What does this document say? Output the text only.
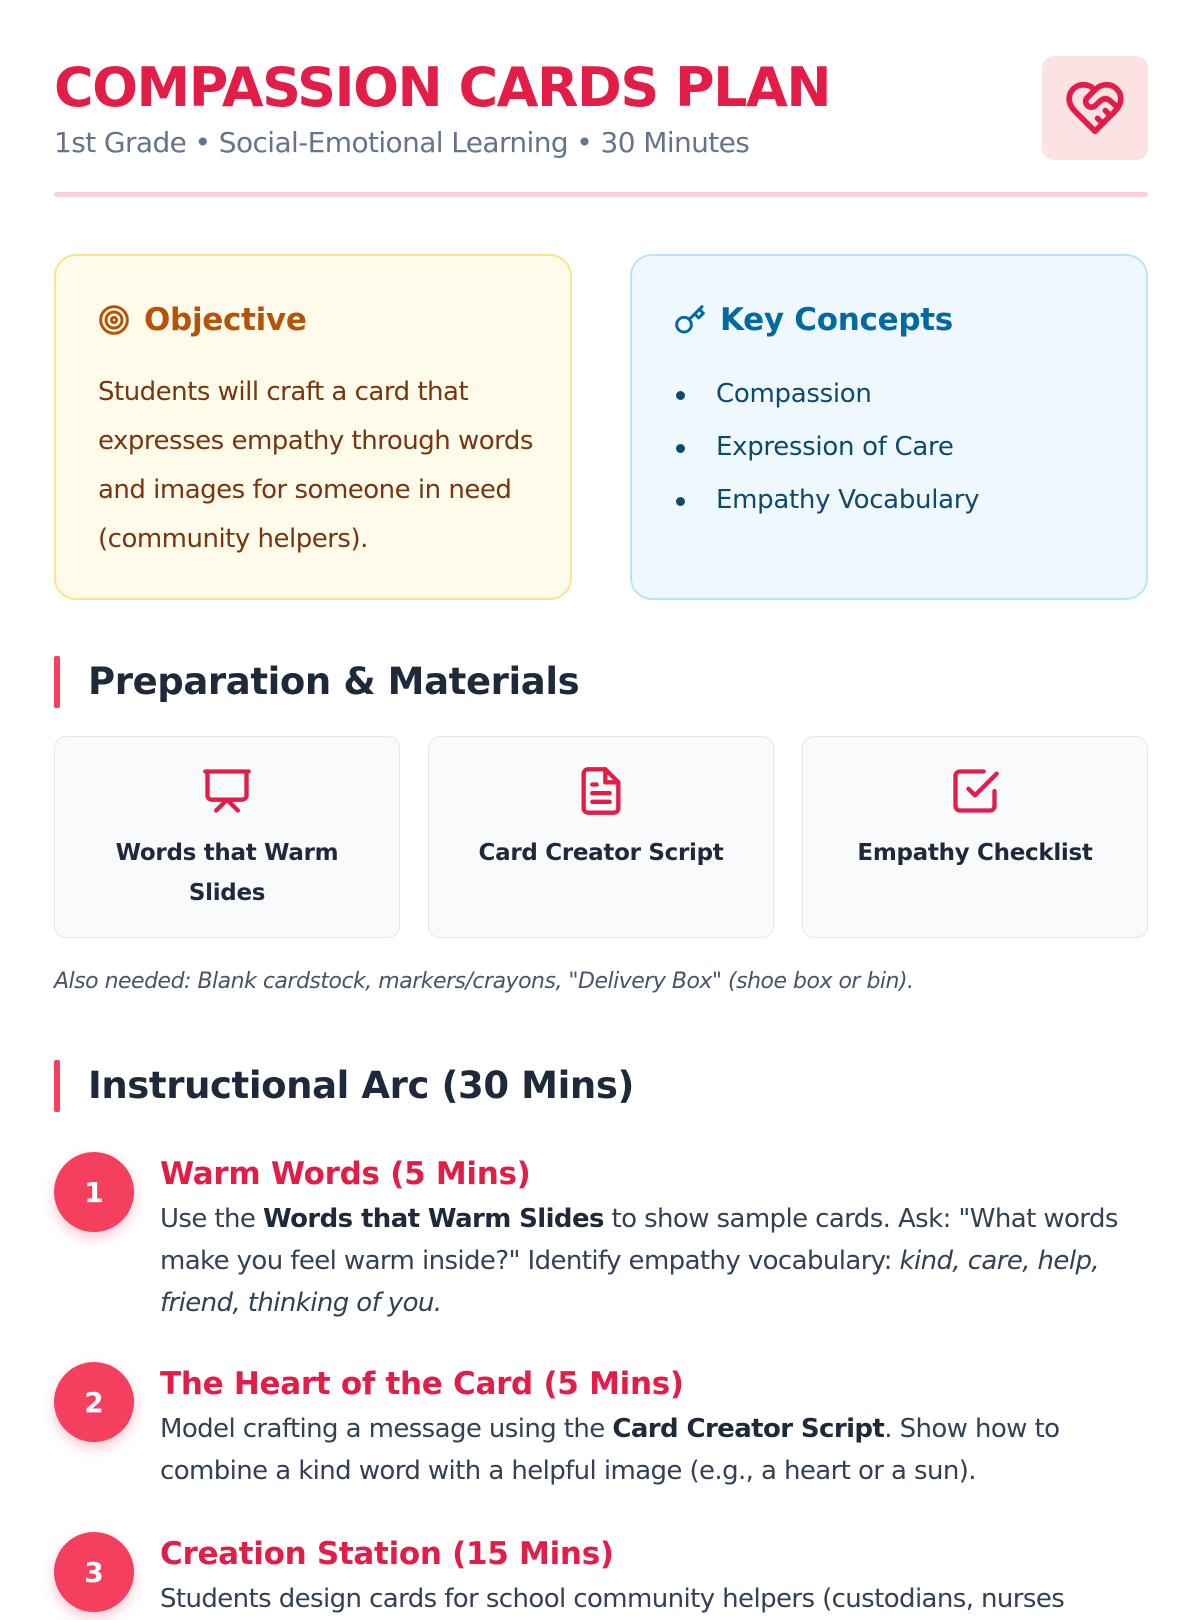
COMPASSION CARDS PLAN
1st Grade • Social-Emotional Learning • 30 Minutes
Objective
Students will craft a card that expresses empathy through words and images for someone in need (community helpers).
Key Concepts
Compassion
Expression of Care
Empathy Vocabulary
Preparation & Materials
Words that Warm Slides
Card Creator Script	Empathy Checklist
Also needed: Blank cardstock, markers/crayons, "Delivery Box" (shoe box or bin).
Instructional Arc (30 Mins)
1	Warm Words (5 Mins)
Use the Words that Warm Slides to show sample cards. Ask: "What words make you feel warm inside?" Identify empathy vocabulary: kind, care, help, friend, thinking of you.
2	The Heart of the Card (5 Mins)
Model crafting a message using the Card Creator Script. Show how to combine a kind word with a helpful image (e.g., a heart or a sun).
3	Creation Station (15 Mins)
Students design cards for school community helpers (custodians, nurses
